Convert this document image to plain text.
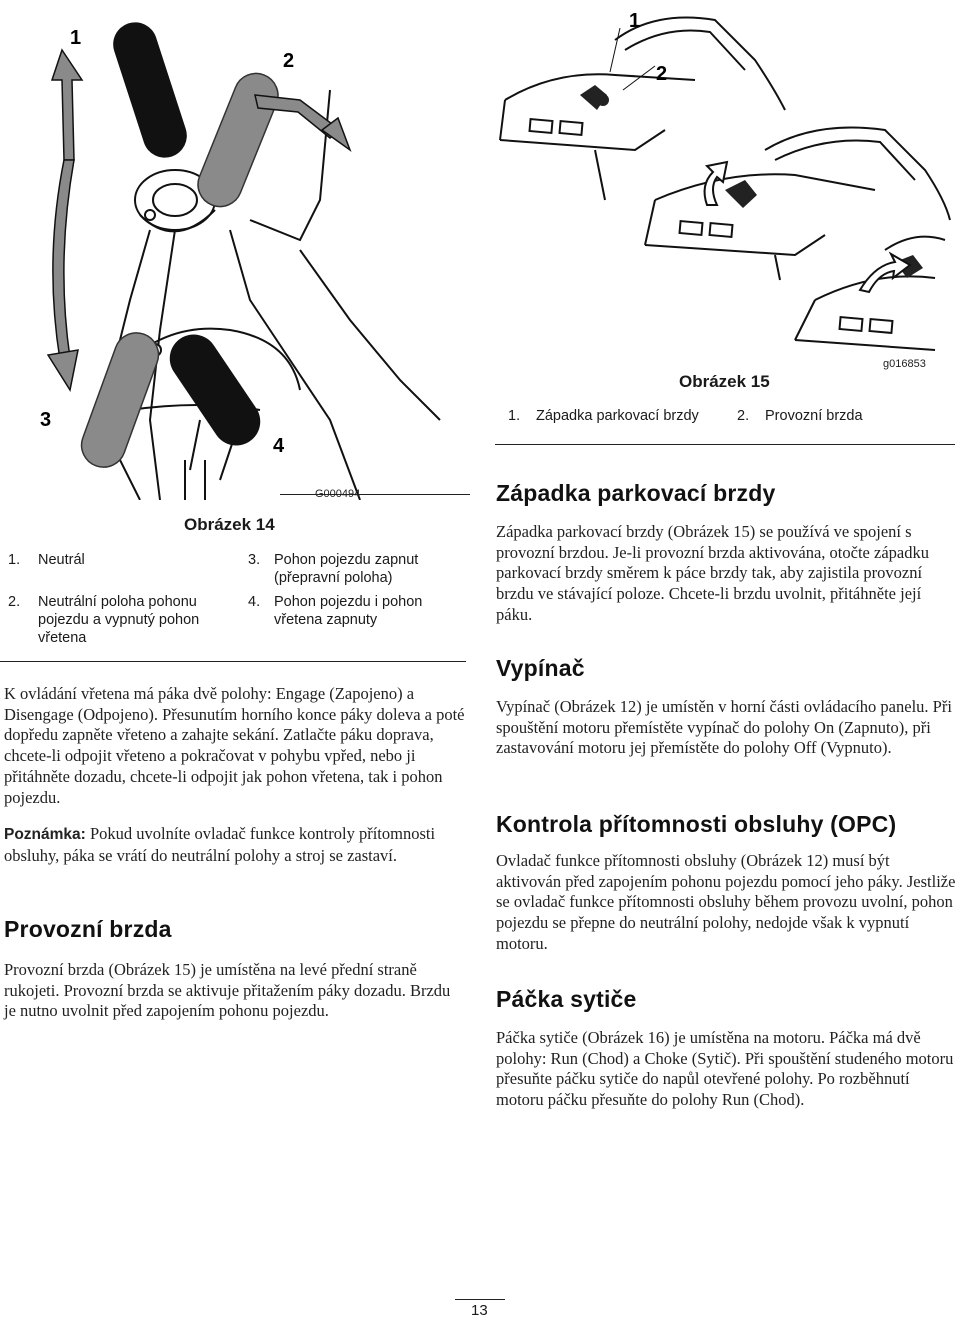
1
2
3
4
G000494
Obrázek 14
1. Neutrál
2. Neutrální poloha pohonu pojezdu a vypnutý pohon vřetena
3. Pohon pojezdu zapnut (přepravní poloha)
4. Pohon pojezdu i pohon vřetena zapnuty

K ovládání vřetena má páka dvě polohy: Engage (Zapojeno) a Disengage (Odpojeno). Přesunutím horního konce páky doleva a poté dopředu zapněte vřeteno a zahajte sekání. Zatlačte páku doprava, chcete-li odpojit vřeteno a pokračovat v pohybu vpřed, nebo ji přitáhněte dozadu, chcete-li odpojit jak pohon vřetena, tak i pohon pojezdu.

Poznámka: Pokud uvolníte ovladač funkce kontroly přítomnosti obsluhy, páka se vrátí do neutrální polohy a stroj se zastaví.

Provozní brzda

Provozní brzda (Obrázek 15) je umístěna na levé přední straně rukojeti. Provozní brzda se aktivuje přitažením páky dozadu. Brzdu je nutno uvolnit před zapojením pohonu pojezdu.

1
2
g016853
Obrázek 15
1. Západka parkovací brzdy	2. Provozní brzda
Západka parkovací brzdy

Západka parkovací brzdy (Obrázek 15) se používá ve spojení s provozní brzdou. Je-li provozní brzda aktivována, otočte západku parkovací brzdy směrem k páce brzdy tak, aby zajistila provozní brzdu ve stávající poloze. Chcete-li brzdu uvolnit, přitáhněte její páku.

Vypínač

Vypínač (Obrázek 12) je umístěn v horní části ovládacího panelu. Při spouštění motoru přemístěte vypínač do polohy On (Zapnuto), při zastavování motoru jej přemístěte do polohy Off (Vypnuto).

Kontrola přítomnosti obsluhy (OPC)

Ovladač funkce přítomnosti obsluhy (Obrázek 12) musí být aktivován před zapojením pohonu pojezdu pomocí jeho páky. Jestliže se ovladač funkce přítomnosti obsluhy během provozu uvolní, pohon pojezdu se přepne do neutrální polohy, nedojde však k vypnutí motoru.

Páčka sytiče

Páčka sytiče (Obrázek 16) je umístěna na motoru. Páčka má dvě polohy: Run (Chod) a Choke (Sytič). Při spouštění studeného motoru přesuňte páčku sytiče do napůl otevřené polohy. Po rozběhnutí motoru páčku přesuňte do polohy Run (Chod).

13
